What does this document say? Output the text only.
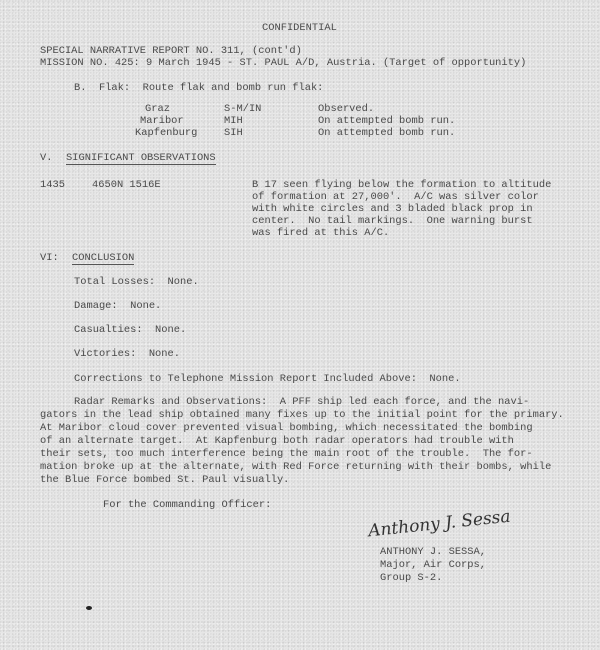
CONFIDENTIAL
SPECIAL NARRATIVE REPORT NO. 311, (cont'd)
MISSION NO. 425: 9 March 1945 - ST. PAUL A/D, Austria. (Target of opportunity)
B.  Flak:  Route flak and bomb run flak:
Graz	S-M/IN	Observed.
Maribor	MIH	On attempted bomb run.
Kapfenburg	SIH	On attempted bomb run.
V. SIGNIFICANT OBSERVATIONS
1435	4650N 1516E	B 17 seen flying below the formation to altitude
of formation at 27,000'.  A/C was silver color
with white circles and 3 bladed black prop in
center.  No tail markings.  One warning burst
was fired at this A/C.
VI: CONCLUSION
Total Losses:  None.
Damage:  None.
Casualties:  None.
Victories:  None.
Corrections to Telephone Mission Report Included Above:  None.
Radar Remarks and Observations:  A PFF ship led each force, and the navi-
gators in the lead ship obtained many fixes up to the initial point for the primary.
At Maribor cloud cover prevented visual bombing, which necessitated the bombing
of an alternate target.  At Kapfenburg both radar operators had trouble with
their sets, too much interference being the main root of the trouble.  The for-
mation broke up at the alternate, with Red Force returning with their bombs, while
the Blue Force bombed St. Paul visually.
For the Commanding Officer:
Anthony J. Sessa
ANTHONY J. SESSA,
Major, Air Corps,
Group S-2.
